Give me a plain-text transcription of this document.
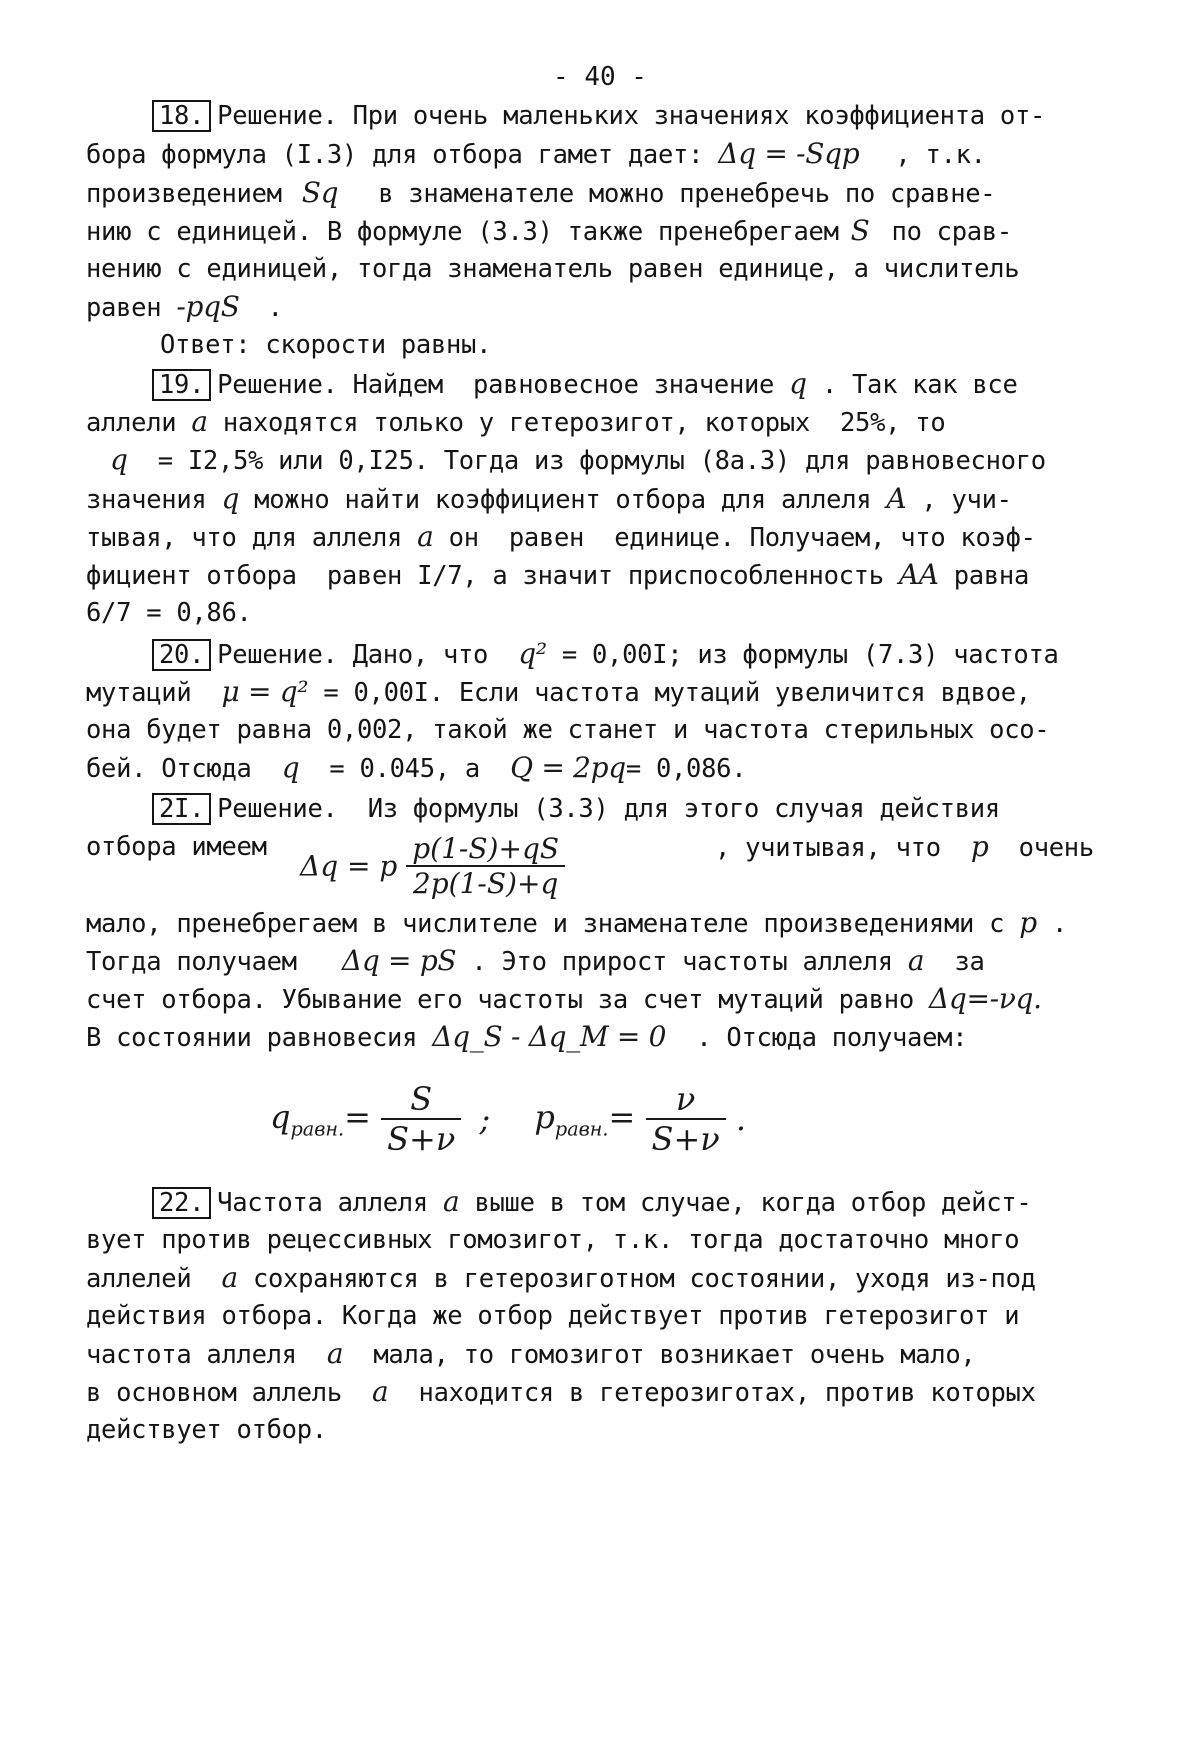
- 40 -
18. Решение. При очень маленьких значениях коэффициента от-
бора формула (I.3) для отбора гамет дает: Δq = -Sqp , т.к.
произведением Sq в знаменателе можно пренебречь по сравне-
нию с единицей. В формуле (3.3) также пренебрегаем S по срав-
нению с единицей, тогда знаменатель равен единице, а числитель
равен -pqS .
Ответ: скорости равны.
19. Решение. Найдем  равновесное значение q . Так как все
аллели a находятся только у гетерозигот, которых  25%, то
q = I2,5% или 0,I25. Тогда из формулы (8а.3) для равновесного
значения q можно найти коэффициент отбора для аллеля A , учи-
тывая, что для аллеля a он  равен  единице. Получаем, что коэф-
фициент отбора  равен I/7, а значит приспособленность AA равна
6/7 = 0,86.
20. Решение. Дано, что q² = 0,00I; из формулы (7.3) частота
мутаций μ = q² = 0,00I. Если частота мутаций увеличится вдвое,
она будет равна 0,002, такой же станет и частота стерильных осо-
бей. Отсюда q = 0.045, а Q = 2pq= 0,086.
2I. Решение.  Из формулы (3.3) для этого случая действия
отбора имеем
Δq = p $\frac{p(1-S)+qS}{2p(1-S)+q}$	, учитывая, что p очень
мало, пренебрегаем в числителе и знаменателе произведениями с p .
Тогда получаем Δq = pS . Это прирост частоты аллеля a за
счет отбора. Убывание его частоты за счет мутаций равно Δq=-νq.
В состоянии равновесия Δq_S - Δq_M = 0 . Отсюда получаем:
$q_{равн.}= \frac{S}{S+\nu}$ ; $p_{равн.}= \frac{\nu}{S+\nu}$ .
22. Частота аллеля a выше в том случае, когда отбор дейст-
вует против рецессивных гомозигот, т.к. тогда достаточно много
аллелей a сохраняются в гетерозиготном состоянии, уходя из-под
действия отбора. Когда же отбор действует против гетерозигот и
частота аллеля a мала, то гомозигот возникает очень мало,
в основном аллель a находится в гетерозиготах, против которых
действует отбор.
